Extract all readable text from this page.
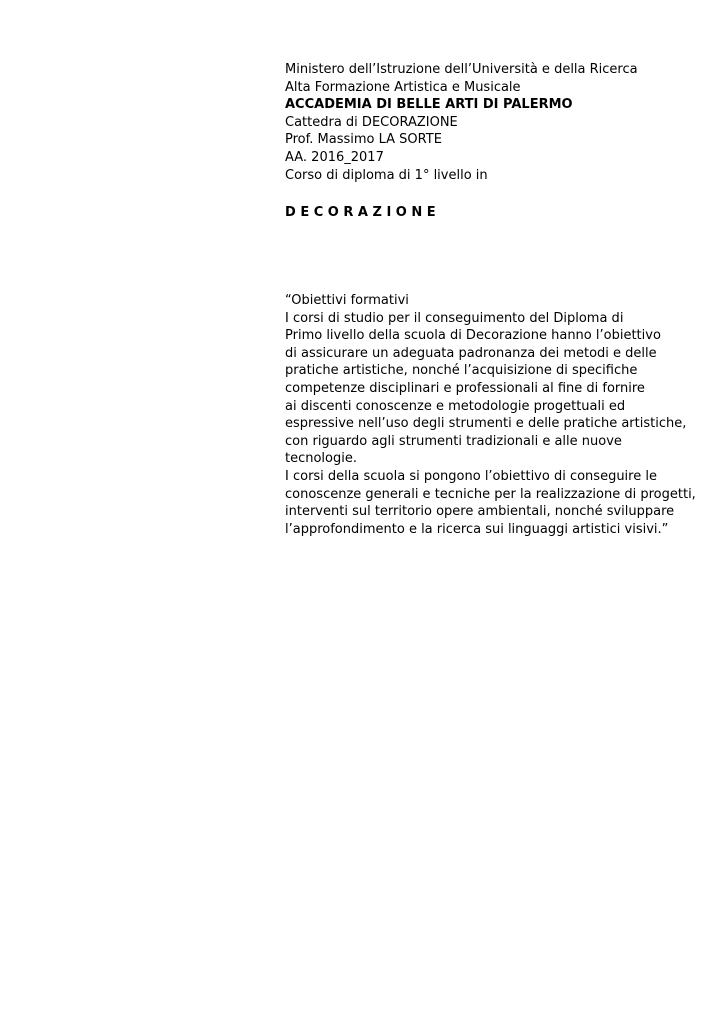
Ministero dell’Istruzione dell’Università e della Ricerca
Alta Formazione Artistica e Musicale
ACCADEMIA DI BELLE ARTI DI PALERMO
Cattedra di DECORAZIONE
Prof. Massimo LA SORTE
AA. 2016_2017
Corso di diploma di 1° livello in
D E C O R A Z I O N E
“Obiettivi formativi
I corsi di studio per il conseguimento del Diploma di
Primo livello della scuola di Decorazione hanno l’obiettivo
di assicurare un adeguata padronanza dei metodi e delle
pratiche artistiche, nonché l’acquisizione di specifiche
competenze disciplinari e professionali al fine di fornire
ai discenti conoscenze e metodologie progettuali ed
espressive nell’uso degli strumenti e delle pratiche artistiche,
con riguardo agli strumenti tradizionali e alle nuove
tecnologie.
I corsi della scuola si pongono l’obiettivo di conseguire le
conoscenze generali e tecniche per la realizzazione di progetti,
interventi sul territorio opere ambientali, nonché sviluppare
l’approfondimento e la ricerca sui linguaggi artistici visivi.”
